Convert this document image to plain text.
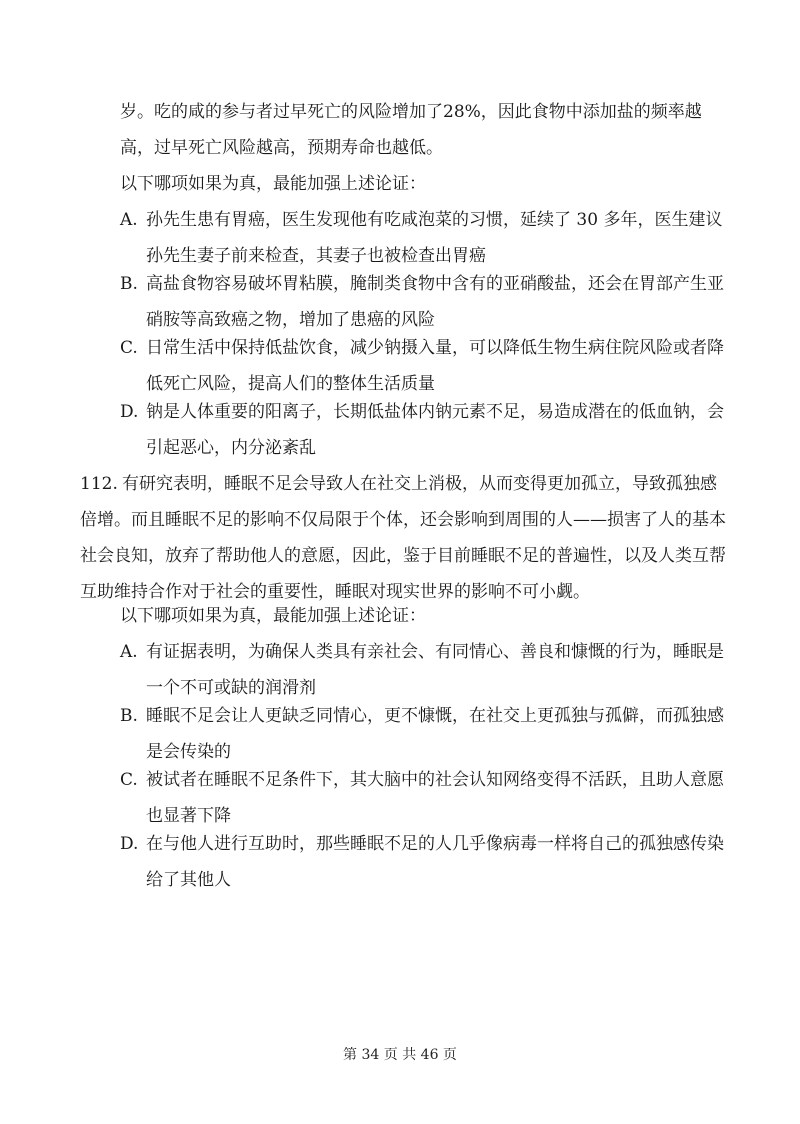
岁。吃的咸的参与者过早死亡的风险增加了28%，因此食物中添加盐的频率越高，过早死亡风险越高，预期寿命也越低。

以下哪项如果为真，最能加强上述论证：

A. 孙先生患有胃癌，医生发现他有吃咸泡菜的习惯，延续了 30 多年，医生建议孙先生妻子前来检查，其妻子也被检查出胃癌
B. 高盐食物容易破坏胃粘膜，腌制类食物中含有的亚硝酸盐，还会在胃部产生亚硝胺等高致癌之物，增加了患癌的风险
C. 日常生活中保持低盐饮食，减少钠摄入量，可以降低生物生病住院风险或者降低死亡风险，提高人们的整体生活质量
D. 钠是人体重要的阳离子，长期低盐体内钠元素不足，易造成潜在的低血钠，会引起恶心，内分泌紊乱
112. 有研究表明，睡眠不足会导致人在社交上消极，从而变得更加孤立，导致孤独感倍增。而且睡眠不足的影响不仅局限于个体，还会影响到周围的人——损害了人的基本社会良知，放弃了帮助他人的意愿，因此，鉴于目前睡眠不足的普遍性，以及人类互帮互助维持合作对于社会的重要性，睡眠对现实世界的影响不可小觑。

以下哪项如果为真，最能加强上述论证：

A. 有证据表明，为确保人类具有亲社会、有同情心、善良和慷慨的行为，睡眠是一个不可或缺的润滑剂
B. 睡眠不足会让人更缺乏同情心，更不慷慨，在社交上更孤独与孤僻，而孤独感是会传染的
C. 被试者在睡眠不足条件下，其大脑中的社会认知网络变得不活跃，且助人意愿也显著下降
D. 在与他人进行互助时，那些睡眠不足的人几乎像病毒一样将自己的孤独感传染给了其他人
第 34 页 共 46 页
